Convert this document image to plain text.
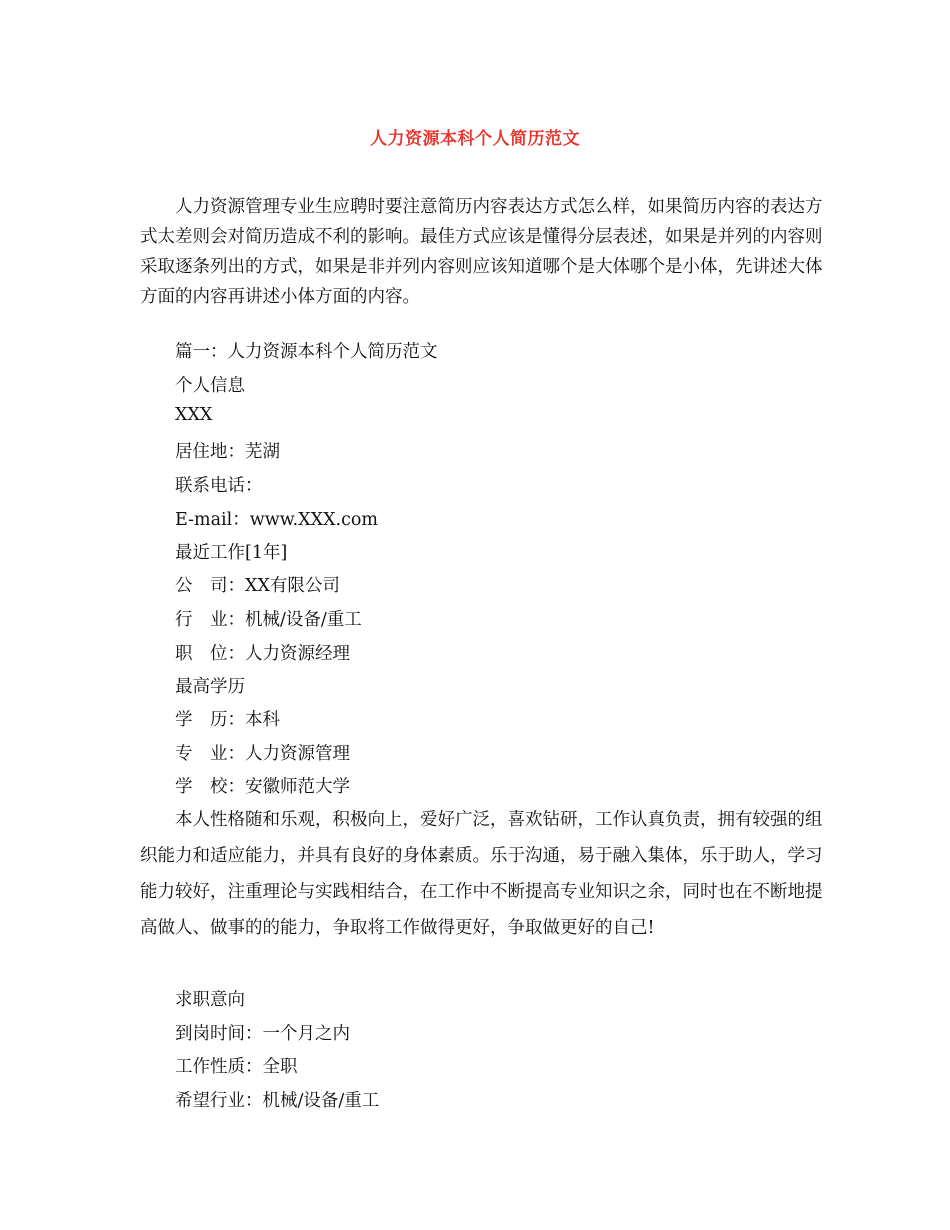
人力资源本科个人简历范文

人力资源管理专业生应聘时要注意简历内容表达方式怎么样，如果简历内容的表达方式太差则会对简历造成不利的影响。最佳方式应该是懂得分层表述，如果是并列的内容则采取逐条列出的方式，如果是非并列内容则应该知道哪个是大体哪个是小体，先讲述大体方面的内容再讲述小体方面的内容。

篇一：人力资源本科个人简历范文

个人信息

XXX

居住地：芜湖

联系电话：

E-mail：www.XXX.com

最近工作[1年]

公　司：XX有限公司

行　业：机械/设备/重工

职　位：人力资源经理

最高学历

学　历：本科

专　业：人力资源管理

学　校：安徽师范大学

本人性格随和乐观，积极向上，爱好广泛，喜欢钻研，工作认真负责，拥有较强的组织能力和适应能力，并具有良好的身体素质。乐于沟通，易于融入集体，乐于助人，学习能力较好，注重理论与实践相结合，在工作中不断提高专业知识之余，同时也在不断地提高做人、做事的的能力，争取将工作做得更好，争取做更好的自己!

求职意向

到岗时间：一个月之内

工作性质：全职

希望行业：机械/设备/重工
